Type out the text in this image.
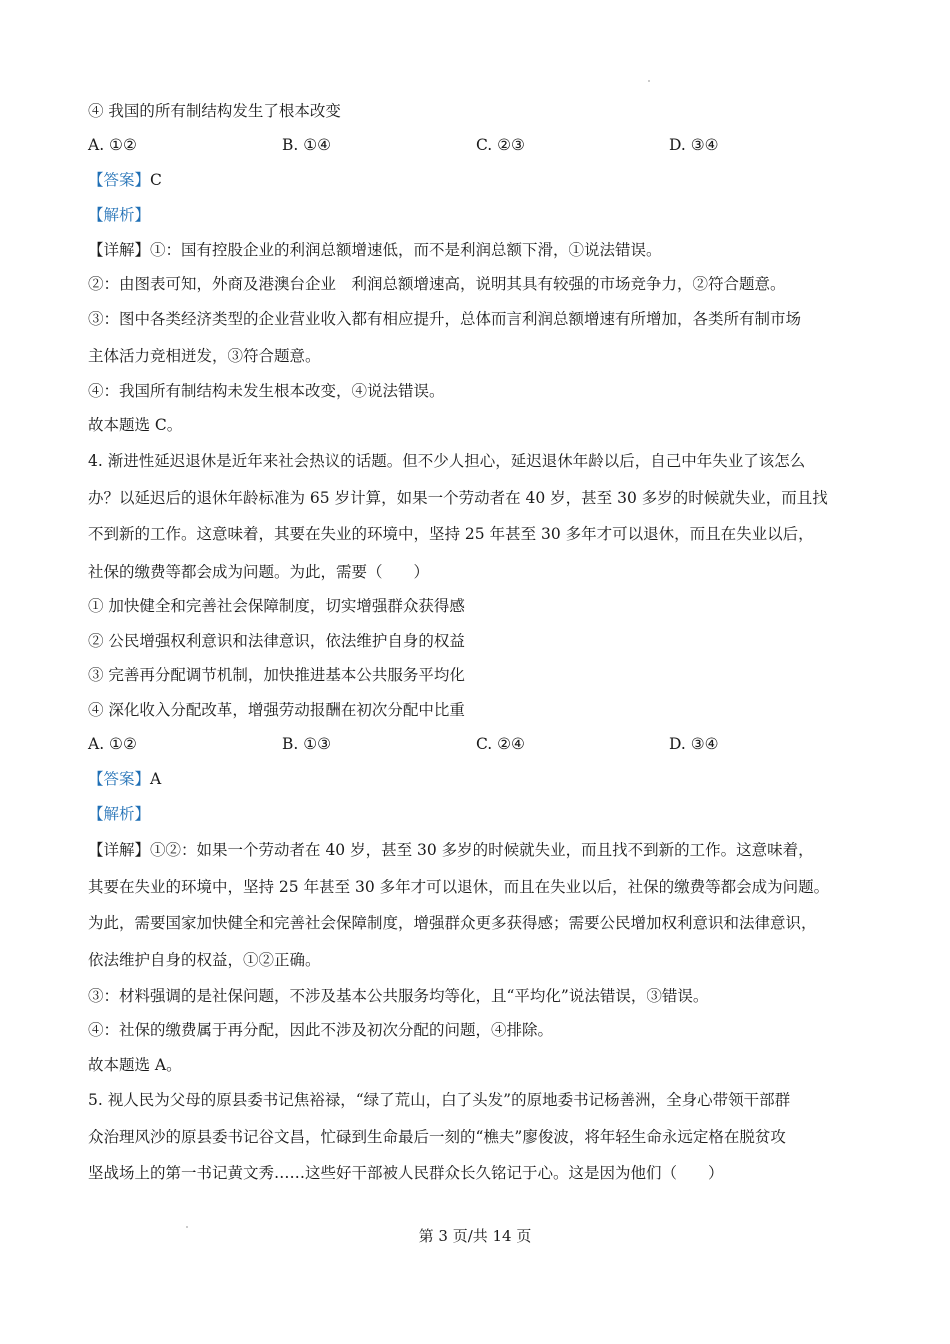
④ 我国的所有制结构发生了根本改变
A. ①②	B. ①④	C. ②③	D. ③④
【答案】C
【解析】
【详解】①：国有控股企业的利润总额增速低，而不是利润总额下滑，①说法错误。
②：由图表可知，外商及港澳台企业　利润总额增速高，说明其具有较强的市场竞争力，②符合题意。
③：图中各类经济类型的企业营业收入都有相应提升，总体而言利润总额增速有所增加，各类所有制市场
主体活力竞相迸发，③符合题意。
④：我国所有制结构未发生根本改变，④说法错误。
故本题选 C。
4. 渐进性延迟退休是近年来社会热议的话题。但不少人担心，延迟退休年龄以后，自己中年失业了该怎么
办？以延迟后的退休年龄标准为 65 岁计算，如果一个劳动者在 40 岁，甚至 30 多岁的时候就失业，而且找
不到新的工作。这意味着，其要在失业的环境中，坚持 25 年甚至 30 多年才可以退休，而且在失业以后，
社保的缴费等都会成为问题。为此，需要（　　）
① 加快健全和完善社会保障制度，切实增强群众获得感
② 公民增强权利意识和法律意识，依法维护自身的权益
③ 完善再分配调节机制，加快推进基本公共服务平均化
④ 深化收入分配改革，增强劳动报酬在初次分配中比重
A. ①②	B. ①③	C. ②④	D. ③④
【答案】A
【解析】
【详解】①②：如果一个劳动者在 40 岁，甚至 30 多岁的时候就失业，而且找不到新的工作。这意味着，
其要在失业的环境中，坚持 25 年甚至 30 多年才可以退休，而且在失业以后，社保的缴费等都会成为问题。
为此，需要国家加快健全和完善社会保障制度，增强群众更多获得感；需要公民增加权利意识和法律意识，
依法维护自身的权益，①②正确。
③：材料强调的是社保问题，不涉及基本公共服务均等化，且“平均化”说法错误，③错误。
④：社保的缴费属于再分配，因此不涉及初次分配的问题，④排除。
故本题选 A。
5. 视人民为父母的原县委书记焦裕禄，“绿了荒山，白了头发”的原地委书记杨善洲，全身心带领干部群
众治理风沙的原县委书记谷文昌，忙碌到生命最后一刻的“樵夫”廖俊波，将年轻生命永远定格在脱贫攻
坚战场上的第一书记黄文秀……这些好干部被人民群众长久铭记于心。这是因为他们（　　）
第 3 页/共 14 页
